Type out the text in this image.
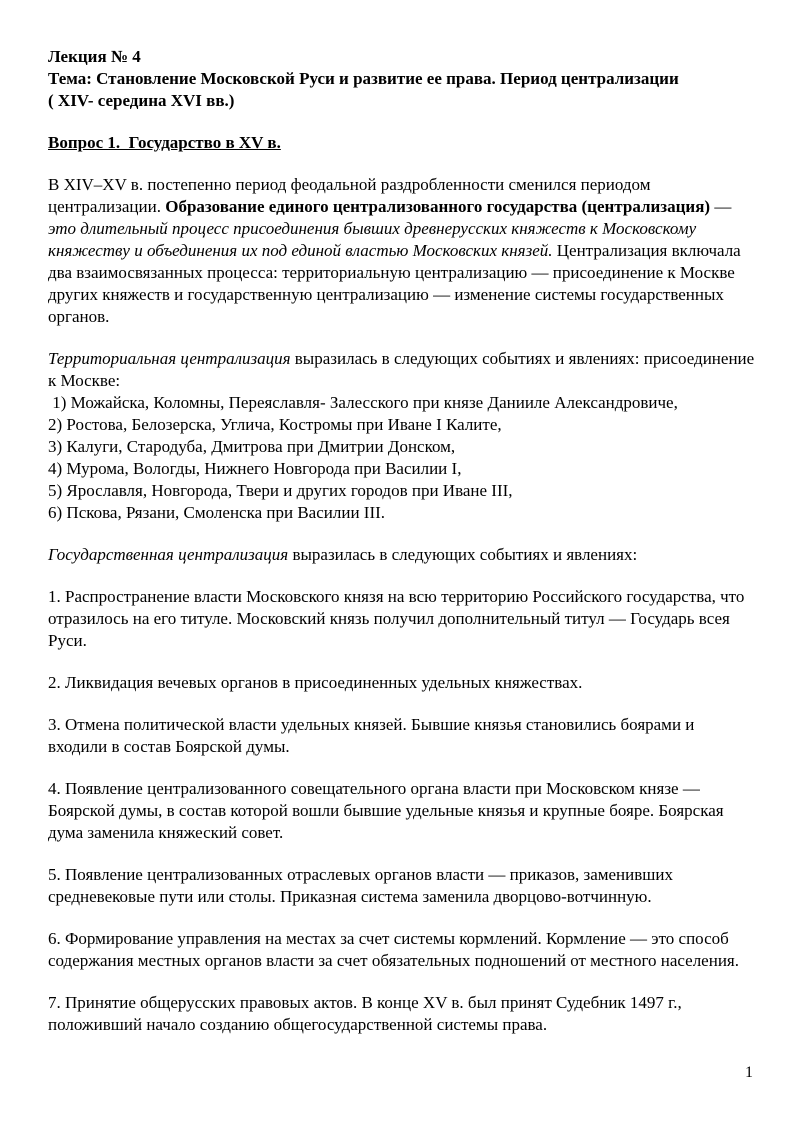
Лекция № 4
Тема: Становление Московской Руси и развитие ее права. Период централизации
( XIV- середина XVI вв.)

Вопрос 1.  Государство в XV в.

В XIV–XV в. постепенно период феодальной раздробленности сменился периодом централизации. Образование единого централизованного государства (централизация) — это длительный процесс присоединения бывших древнерусских княжеств к Московскому княжеству и объединения их под единой властью Московских князей. Централизация включала два взаимосвязанных процесса: территориальную централизацию — присоединение к Москве других княжеств и государственную централизацию — изменение системы государственных органов.

Территориальная централизация выразилась в следующих событиях и явлениях: присоединение к Москве:

1) Можайска, Коломны, Переяславля- Залесского при князе Данииле Александровиче,
2) Ростова, Белозерска, Углича, Костромы при Иване I Калите,
3) Калуги, Стародуба, Дмитрова при Дмитрии Донском,
4) Мурома, Вологды, Нижнего Новгорода при Василии I,
5) Ярославля, Новгорода, Твери и других городов при Иване III,
6) Пскова, Рязани, Смоленска при Василии III.

Государственная централизация выразилась в следующих событиях и явлениях:

1. Распространение власти Московского князя на всю территорию Российского государства, что отразилось на его титуле. Московский князь получил дополнительный титул — Государь всея Руси.

2. Ликвидация вечевых органов в присоединенных удельных княжествах.

3. Отмена политической власти удельных князей. Бывшие князья становились боярами и входили в состав Боярской думы.

4. Появление централизованного совещательного органа власти при Московском князе — Боярской думы, в состав которой вошли бывшие удельные князья и крупные бояре. Боярская дума заменила княжеский совет.

5. Появление централизованных отраслевых органов власти — приказов, заменивших средневековые пути или столы. Приказная система заменила дворцово-вотчинную.

6. Формирование управления на местах за счет системы кормлений. Кормление — это способ содержания местных органов власти за счет обязательных подношений от местного населения.

7. Принятие общерусских правовых актов. В конце XV в. был принят Судебник 1497 г., положивший начало созданию общегосударственной системы права.

1
